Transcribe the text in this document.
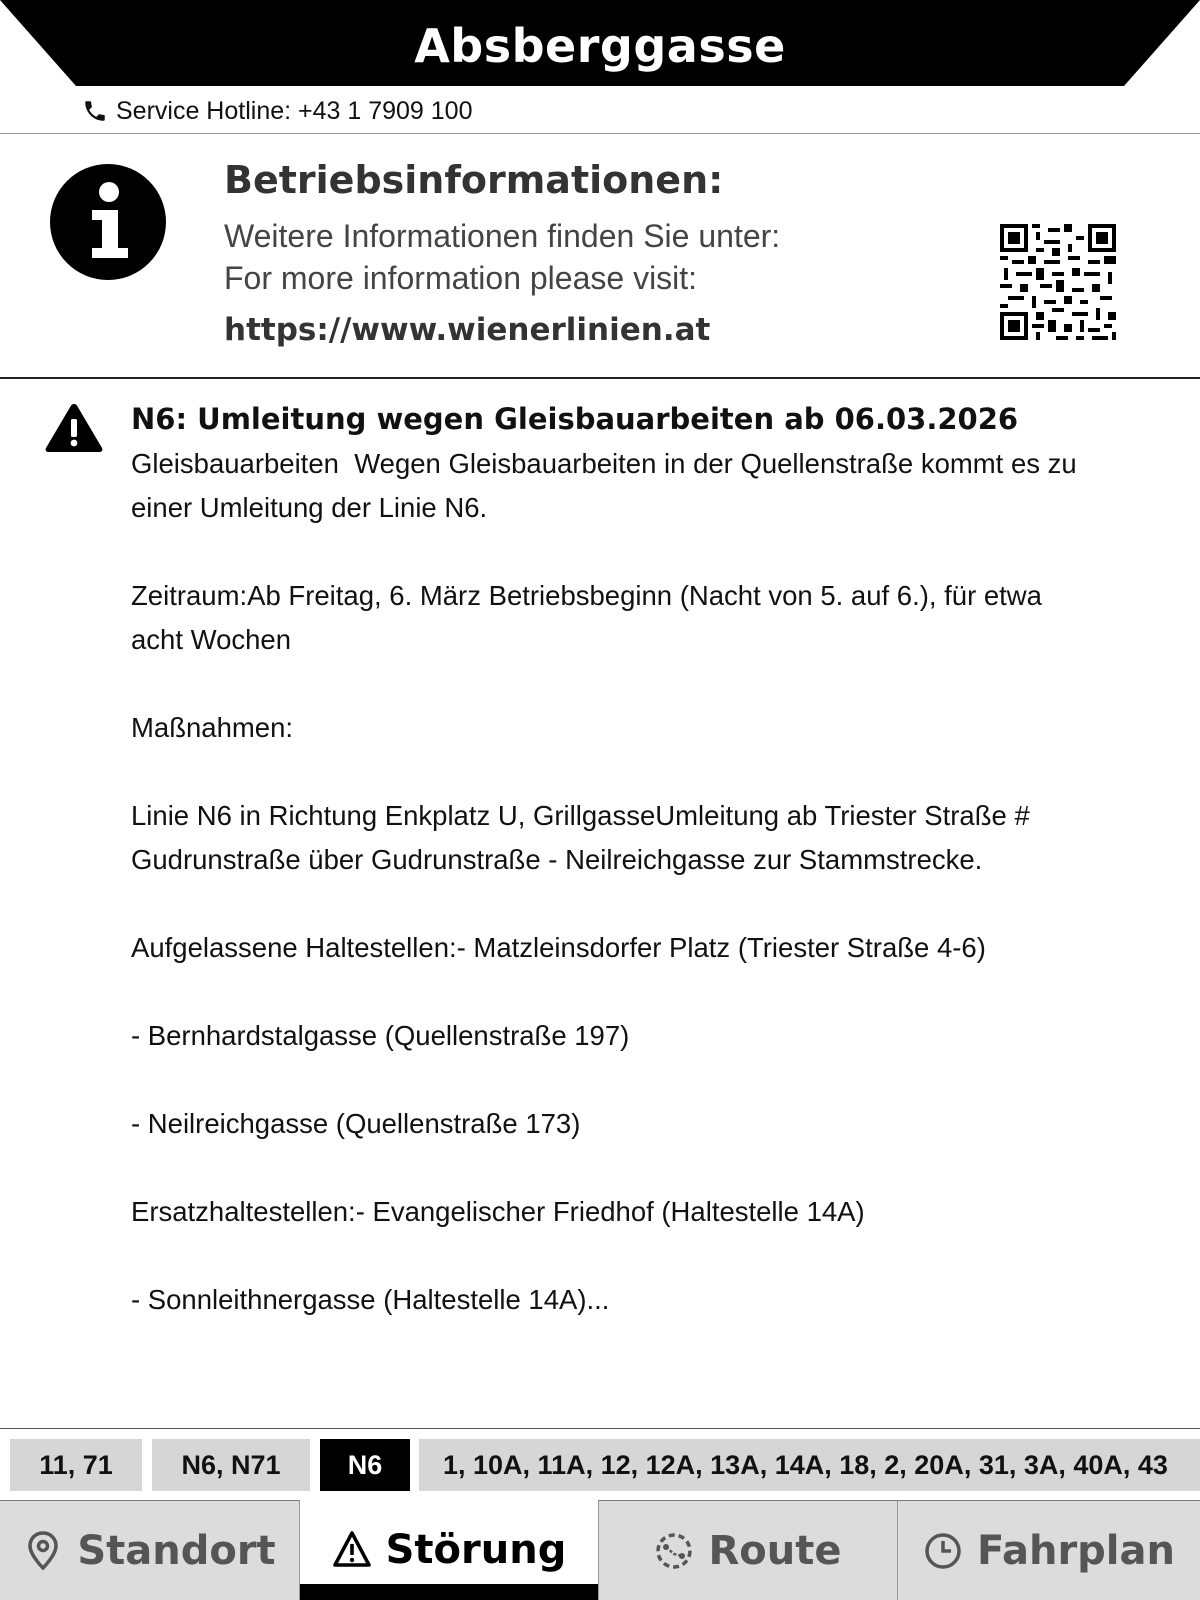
Absberggasse
Service Hotline: +43 1 7909 100
Betriebsinformationen:
Weitere Informationen finden Sie unter:
For more information please visit:
https://www.wienerlinien.at
N6: Umleitung wegen Gleisbauarbeiten ab 06.03.2026

Gleisbauarbeiten  Wegen Gleisbauarbeiten in der Quellenstraße kommt es zu einer Umleitung der Linie N6.

Zeitraum:Ab Freitag, 6. März Betriebsbeginn (Nacht von 5. auf 6.), für etwa acht Wochen

Maßnahmen:

Linie N6 in Richtung Enkplatz U, GrillgasseUmleitung ab Triester Straße # Gudrunstraße über Gudrunstraße - Neilreichgasse zur Stammstrecke.

Aufgelassene Haltestellen:- Matzleinsdorfer Platz (Triester Straße 4-6)

- Bernhardstalgasse (Quellenstraße 197)

- Neilreichgasse (Quellenstraße 173)

Ersatzhaltestellen:- Evangelischer Friedhof (Haltestelle 14A)

- Sonnleithnergasse (Haltestelle 14A)...

11, 71	N6, N71	N6	1, 10A, 11A, 12, 12A, 13A, 14A, 18, 2, 20A, 31, 3A, 40A, 43
Standort	Störung	Route	Fahrplan
